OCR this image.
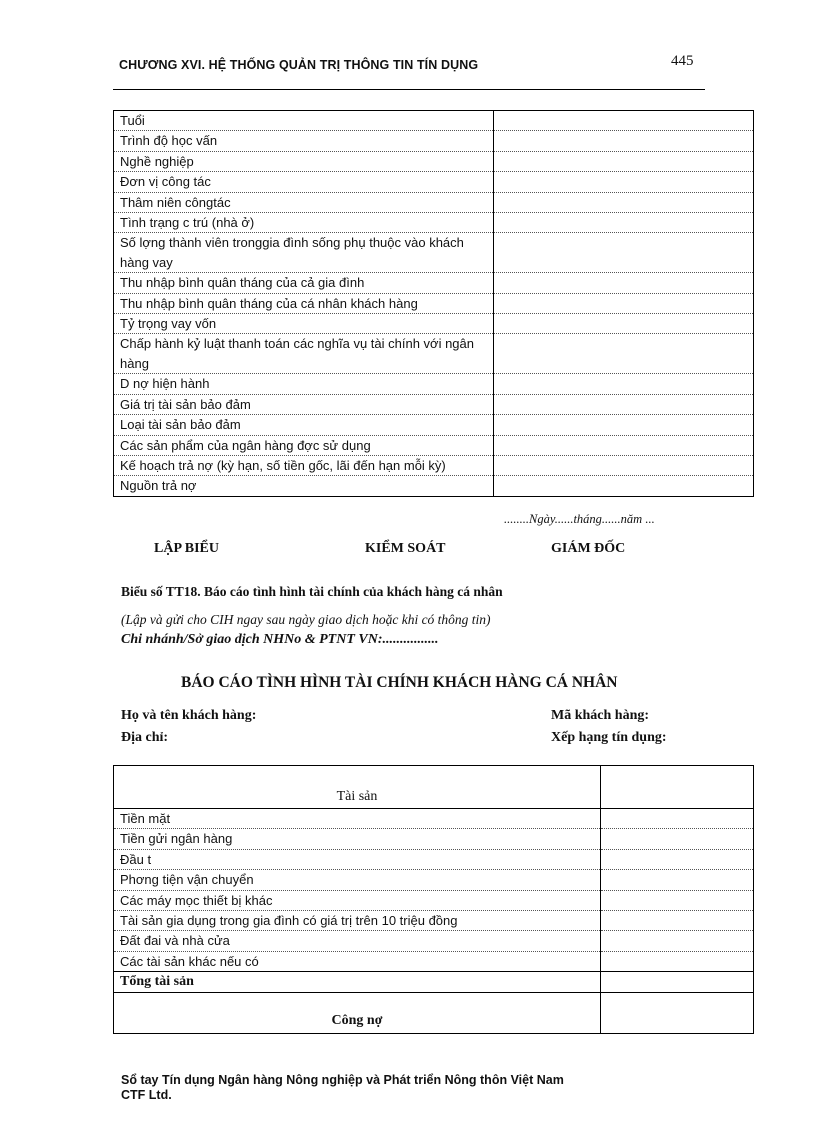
CHƯƠNG XVI. HỆ THỐNG QUẢN TRỊ THÔNG TIN TÍN DỤNG	445
Tuổi	
Trình độ học vấn	
Nghề nghiệp	
Đơn vị công tác	
Thâm niên côngtác	
Tình trạng c trú (nhà ở)	
Số lợng thành viên tronggia đình sống phụ thuộc vào khách hàng vay	
Thu nhập bình quân tháng của cả gia đình	
Thu nhập bình quân tháng của cá nhân khách hàng	
Tỷ trọng vay vốn	
Chấp hành kỷ luật thanh toán các nghĩa vụ tài chính với ngân hàng	
D nợ hiện hành	
Giá trị tài sản bảo đảm	
Loại tài sản bảo đảm	
Các sản phẩm của ngân hàng đợc sử dụng	
Kế hoạch trả nợ (kỳ hạn, số tiền gốc, lãi đến hạn mỗi kỳ)	
Nguồn trả nợ	
........Ngày......tháng......năm ...
LẬP BIỂU	KIỂM SOÁT	GIÁM ĐỐC
Biểu số TT18. Báo cáo tình hình tài chính của khách hàng cá nhân
(Lập và gửi cho CIH ngay sau ngày giao dịch hoặc khi có thông tin)
Chi nhánh/Sở giao dịch NHNo & PTNT VN:................
BÁO CÁO TÌNH HÌNH TÀI CHÍNH KHÁCH HÀNG CÁ NHÂN
Họ và tên khách hàng:	Mã khách hàng:
Địa chỉ:	Xếp hạng tín dụng:
Tài sản	
Tiền mặt	
Tiền gửi ngân hàng	
Đầu t	
Phơng tiện vận chuyển	
Các máy mọc thiết bị khác	
Tài sản gia dụng trong gia đình có giá trị trên 10 triệu đồng	
Đất đai và nhà cửa	
Các tài sản khác nếu có	
Tổng tài sản	
Công nợ	
Sổ tay Tín dụng Ngân hàng Nông nghiệp và Phát triển Nông thôn Việt Nam
CTF Ltd.
